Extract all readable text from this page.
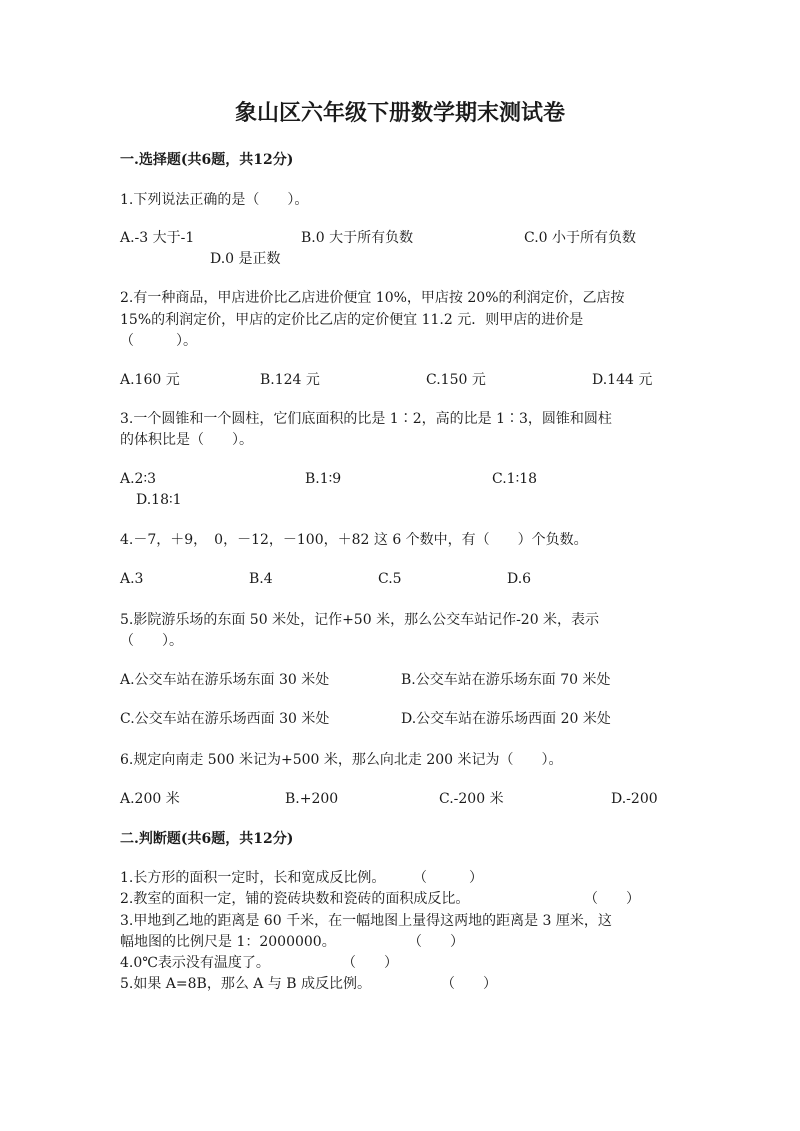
象山区六年级下册数学期末测试卷
一.选择题(共6题，共12分)
1.下列说法正确的是（　　）。
A.-3 大于-1	B.0 大于所有负数	C.0 小于所有负数
D.0 是正数
2.有一种商品，甲店进价比乙店进价便宜 10%，甲店按 20%的利润定价，乙店按
15%的利润定价，甲店的定价比乙店的定价便宜 11.2 元．则甲店的进价是
（　　　）。
A.160 元	B.124 元	C.150 元	D.144 元
3.一个圆锥和一个圆柱，它们底面积的比是 1∶2，高的比是 1∶3，圆锥和圆柱
的体积比是（　　）。
A.2∶3	B.1∶9	C.1∶18
D.18∶1
4.－7，＋9，　0，－12，－100，＋82 这 6 个数中，有（　　）个负数。
A.3	B.4	C.5	D.6
5.影院游乐场的东面 50 米处，记作+50 米，那么公交车站记作-20 米，表示
（　　）。
A.公交车站在游乐场东面 30 米处	B.公交车站在游乐场东面 70 米处
C.公交车站在游乐场西面 30 米处	D.公交车站在游乐场西面 20 米处
6.规定向南走 500 米记为+500 米，那么向北走 200 米记为（　　）。
A.200 米	B.+200	C.-200 米	D.-200
二.判断题(共6题，共12分)
1.长方形的面积一定时，长和宽成反比例。 （　　　）
2.教室的面积一定，铺的瓷砖块数和瓷砖的面积成反比。	（　　）
3.甲地到乙地的距离是 60 千米，在一幅地图上量得这两地的距离是 3 厘米，这
幅地图的比例尺是 1：2000000。	（　　）
4.0℃表示没有温度了。	（　　）
5.如果 A=8B，那么 A 与 B 成反比例。	（　　）
